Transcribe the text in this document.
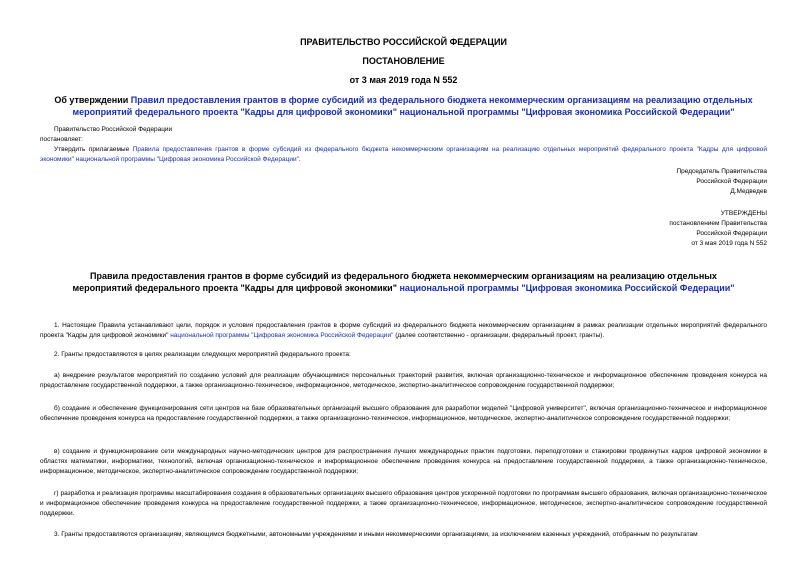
ПРАВИТЕЛЬСТВО РОССИЙСКОЙ ФЕДЕРАЦИИ
ПОСТАНОВЛЕНИЕ
от 3 мая 2019 года N 552
Об утверждении Правил предоставления грантов в форме субсидий из федерального бюджета некоммерческим организациям на реализацию отдельных мероприятий федерального проекта "Кадры для цифровой экономики" национальной программы "Цифровая экономика Российской Федерации"
Правительство Российской Федерации
постановляет:
Утвердить прилагаемые Правила предоставления грантов в форме субсидий из федерального бюджета некоммерческим организациям на реализацию отдельных мероприятий федерального проекта "Кадры для цифровой экономики" национальной программы "Цифровая экономика Российской Федерации".
Председатель Правительства
Российской Федерации
Д.Медведев
УТВЕРЖДЕНЫ
постановлением Правительства
Российской Федерации
от 3 мая 2019 года N 552
Правила предоставления грантов в форме субсидий из федерального бюджета некоммерческим организациям на реализацию отдельных мероприятий федерального проекта "Кадры для цифровой экономики" национальной программы "Цифровая экономика Российской Федерации"
1. Настоящие Правила устанавливают цели, порядок и условия предоставления грантов в форме субсидий из федерального бюджета некоммерческим организациям в рамках реализации отдельных мероприятий федерального проекта "Кадры для цифровой экономики" национальной программы "Цифровая экономика Российской Федерации" (далее соответственно - организации, федеральный проект, гранты).
2. Гранты предоставляются в целях реализации следующих мероприятий федерального проекта:
а) внедрение результатов мероприятий по созданию условий для реализации обучающимися персональных траекторий развития, включая организационно-техническое и информационное обеспечение проведения конкурса на предоставление государственной поддержки, а также организационно-техническое, информационное, методическое, экспертно-аналитическое сопровождение государственной поддержки;
б) создание и обеспечение функционирования сети центров на базе образовательных организаций высшего образования для разработки моделей "Цифровой университет", включая организационно-техническое и информационное обеспечение проведения конкурса на предоставление государственной поддержки, а также организационно-техническое, информационное, методическое, экспертно-аналитическое сопровождение государственной поддержки;
в) создание и функционирование сети международных научно-методических центров для распространения лучших международных практик подготовки, переподготовки и стажировки продвинутых кадров цифровой экономики в областях математики, информатики, технологий, включая организационно-техническое и информационное обеспечение проведения конкурса на предоставление государственной поддержки, а также организационно-техническое, информационное, методическое, экспертно-аналитическое сопровождение государственной поддержки;
г) разработка и реализация программы масштабирования создания в образовательных организациях высшего образования центров ускоренной подготовки по программам высшего образования, включая организационно-техническое и информационное обеспечение проведения конкурса на предоставление государственной поддержки, а также организационно-техническое, информационное, методическое, экспертно-аналитическое сопровождение государственной поддержки.
3. Гранты предоставляются организациям, являющимся бюджетными, автономными учреждениями и иными некоммерческими организациями, за исключением казенных учреждений, отобранным по результатам
